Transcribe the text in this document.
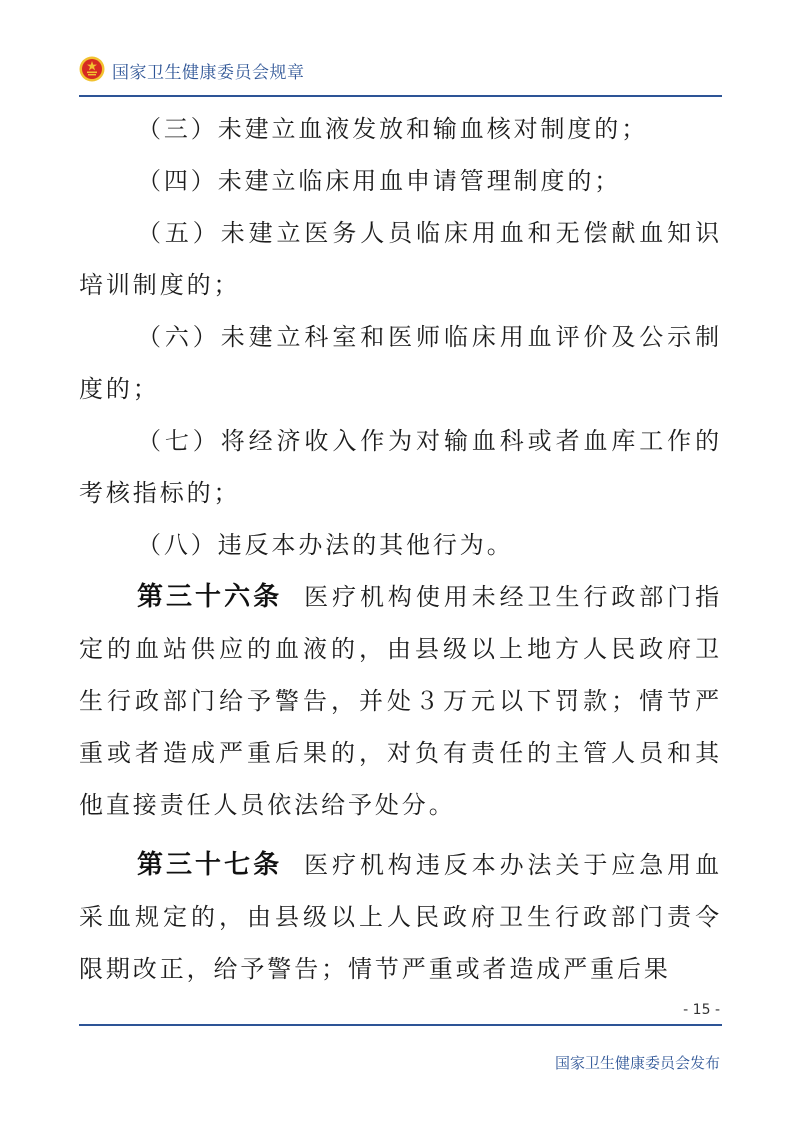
国家卫生健康委员会规章

（三）未建立血液发放和输血核对制度的；

（四）未建立临床用血申请管理制度的；

（五）未建立医务人员临床用血和无偿献血知识培训制度的；

（六）未建立科室和医师临床用血评价及公示制度的；

（七）将经济收入作为对输血科或者血库工作的考核指标的；

（八）违反本办法的其他行为。

第三十六条 医疗机构使用未经卫生行政部门指定的血站供应的血液的，由县级以上地方人民政府卫生行政部门给予警告，并处３万元以下罚款；情节严重或者造成严重后果的，对负有责任的主管人员和其他直接责任人员依法给予处分。

第三十七条 医疗机构违反本办法关于应急用血采血规定的，由县级以上人民政府卫生行政部门责令限期改正，给予警告；情节严重或者造成严重后果

- 15 -
国家卫生健康委员会发布
